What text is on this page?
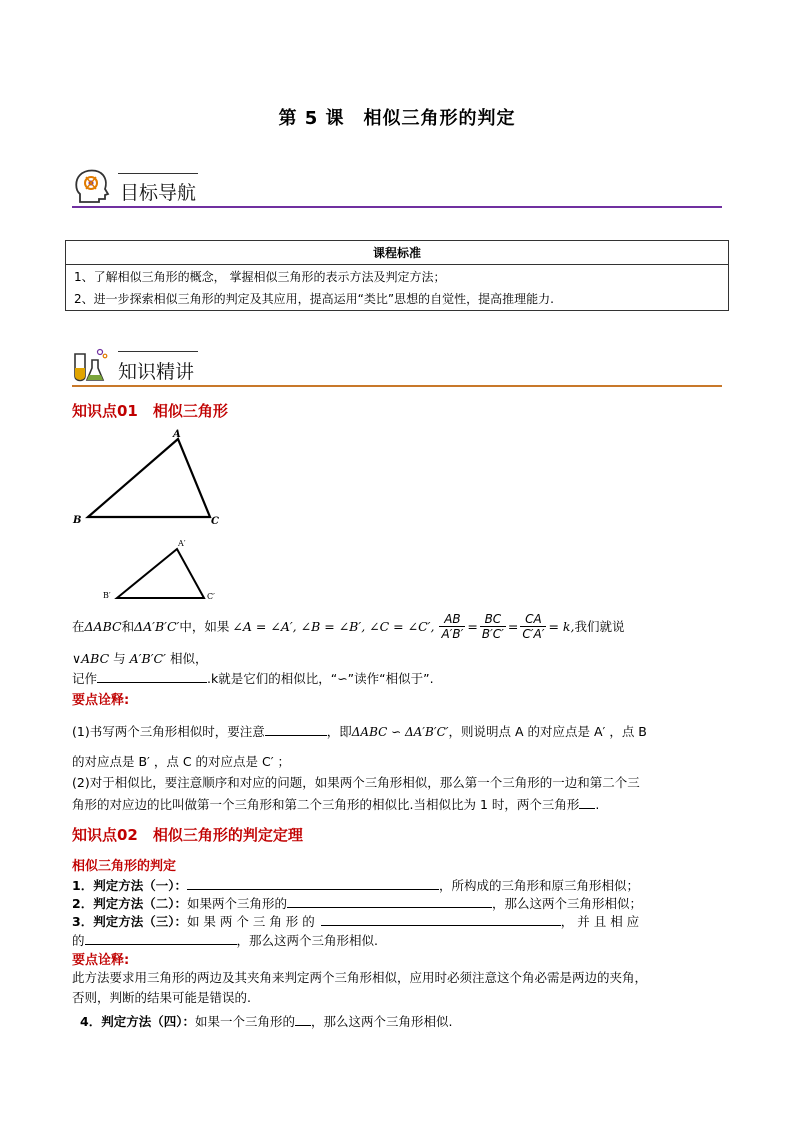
第 5 课　相似三角形的判定
目标导航
课程标准

1、了解相似三角形的概念， 掌握相似三角形的表示方法及判定方法；
2、进一步探索相似三角形的判定及其应用，提高运用“类比”思想的自觉性，提高推理能力.
知识精讲
知识点01　相似三角形
A
B	C
A′
B′	C′
在 ΔABC 和 ΔA′B′C′ 中，如果 ∠A = ∠A′, ∠B = ∠B′, ∠C = ∠C′, $\frac{AB}{A'B'} = \frac{BC}{B'C'} = \frac{CA}{C'A'} = k$, 我们就说
∨ABC 与 A′B′C′ 相似，
记作	.k就是它们的相似比，“∽”读作“相似于”.
要点诠释:
(1)书写两个三角形相似时，要注意	，即ΔABC ∽ ΔA′B′C′，则说明点 A 的对应点是 A′ ，点 B
的对应点是 B′ ，点 C 的对应点是 C′ ；
(2)对于相似比，要注意顺序和对应的问题，如果两个三角形相似，那么第一个三角形的一边和第二个三
角形的对应边的比叫做第一个三角形和第二个三角形的相似比.当相似比为 1 时，两个三角形 .
知识点02　相似三角形的判定定理
相似三角形的判定
1．判定方法（一）：	，所构成的三角形和原三角形相似；
2．判定方法（二）：如果两个三角形的	，那么这两个三角形相似；
3．判定方法（三）：如 果 两 个 三 角 形 的	， 并 且 相 应
的	，那么这两个三角形相似.
要点诠释:
此方法要求用三角形的两边及其夹角来判定两个三角形相似，应用时必须注意这个角必需是两边的夹角，
否则，判断的结果可能是错误的.
4．判定方法（四）：如果一个三角形的 ，那么这两个三角形相似.
